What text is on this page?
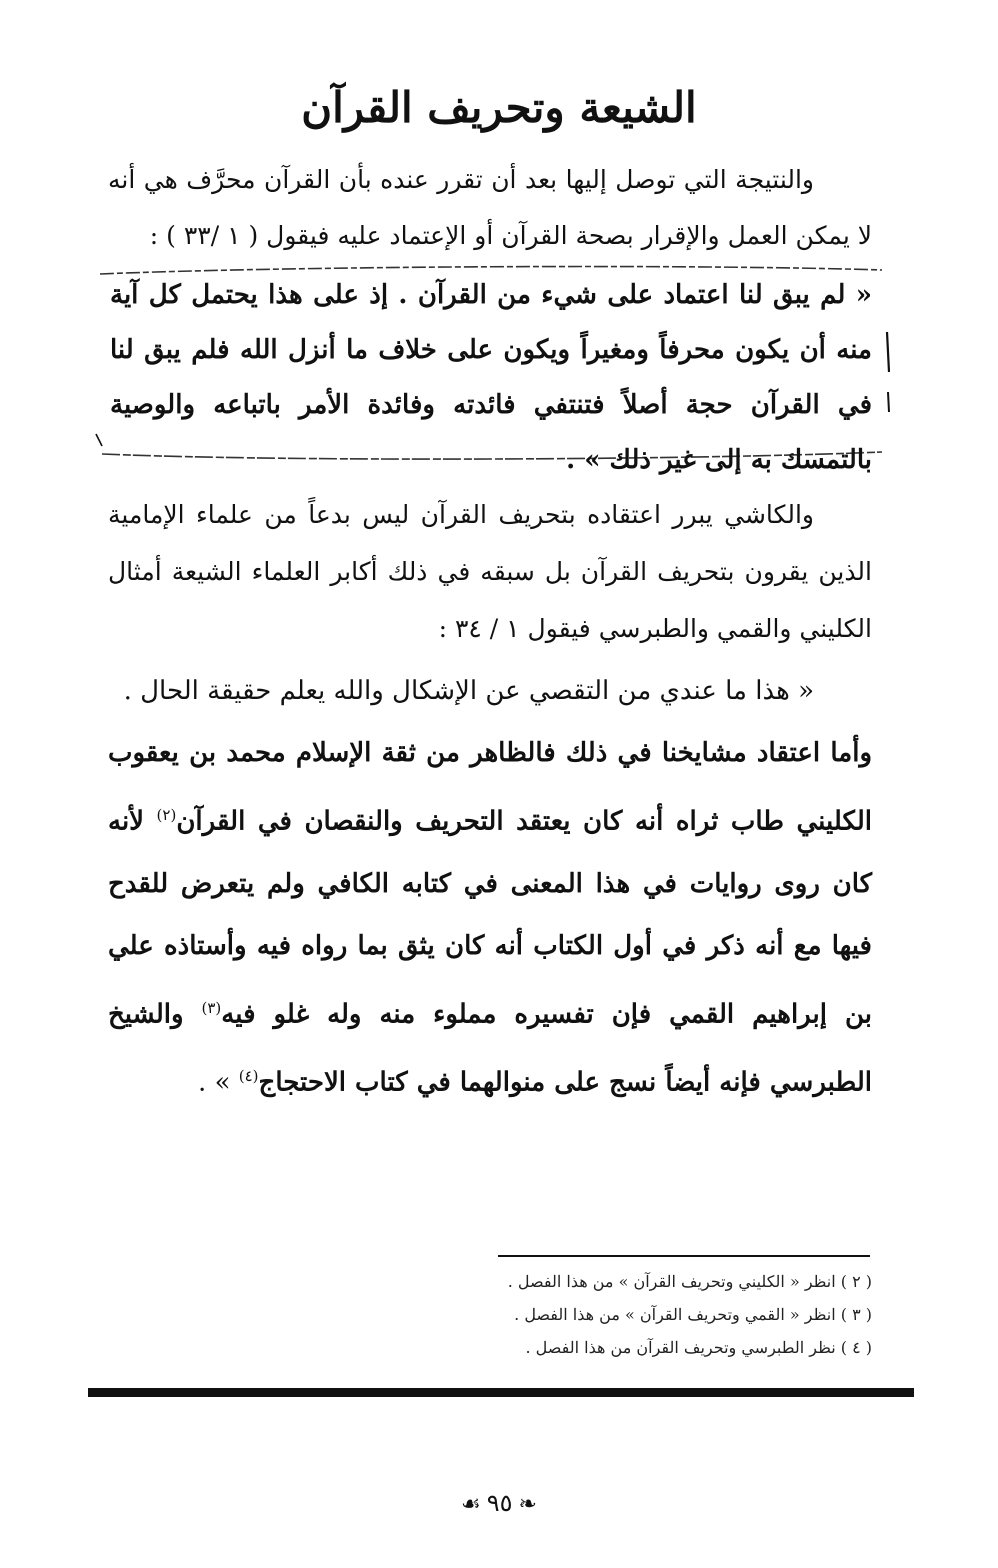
الشيعة وتحريف القرآن

والنتيجة التي توصل إليها بعد أن تقرر عنده بأن القرآن محرَّف هي أنه لا يمكن العمل والإقرار بصحة القرآن أو الإعتماد عليه فيقول ( ١ /٣٣ ) :

« لم يبق لنا اعتماد على شيء من القرآن . إذ على هذا يحتمل كل آية منه أن يكون محرفاً ومغيراً ويكون على خلاف ما أنزل الله فلم يبق لنا في القرآن حجة أصلاً فتنتفي فائدته وفائدة الأمر باتباعه والوصية بالتمسك به إلى غير ذلك » .

والكاشي يبرر اعتقاده بتحريف القرآن ليس بدعاً من علماء الإمامية الذين يقرون بتحريف القرآن بل سبقه في ذلك أكابر العلماء الشيعة أمثال الكليني والقمي والطبرسي فيقول ١ / ٣٤ :

« هذا ما عندي من التقصي عن الإشكال والله يعلم حقيقة الحال .
وأما اعتقاد مشايخنا في ذلك فالظاهر من ثقة الإسلام محمد بن يعقوب الكليني طاب ثراه أنه كان يعتقد التحريف والنقصان في القرآن$^{(٢)}$ لأنه كان روى روايات في هذا المعنى في كتابه الكافي ولم يتعرض للقدح فيها مع أنه ذكر في أول الكتاب أنه كان يثق بما رواه فيه وأستاذه علي بن إبراهيم القمي فإن تفسيره مملوء منه وله غلو فيه$^{(٣)}$ والشيخ الطبرسي فإنه أيضاً نسج على منوالهما في كتاب الاحتجاج$^{(٤)}$ » .

( ٢ ) انظر « الكليني وتحريف القرآن » من هذا الفصل .
( ٣ ) انظر « القمي وتحريف القرآن » من هذا الفصل .
( ٤ ) نظر الطبرسي وتحريف القرآن من هذا الفصل .
❧٩٥☙
